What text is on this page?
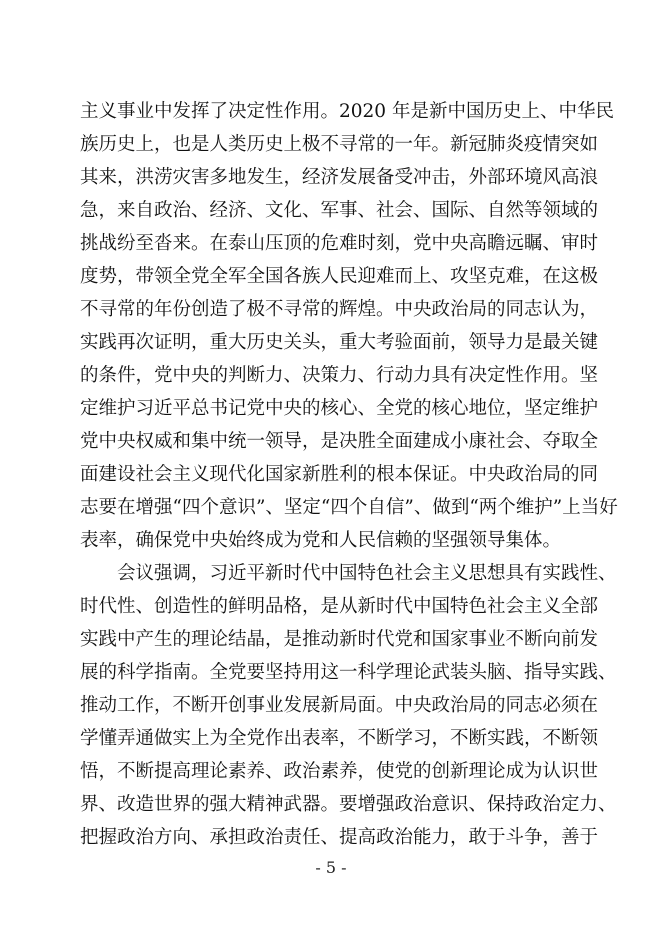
主义事业中发挥了决定性作用。2020 年是新中国历史上、中华民
族历史上，也是人类历史上极不寻常的一年。新冠肺炎疫情突如
其来，洪涝灾害多地发生，经济发展备受冲击，外部环境风高浪
急，来自政治、经济、文化、军事、社会、国际、自然等领域的
挑战纷至沓来。在泰山压顶的危难时刻，党中央高瞻远瞩、审时
度势，带领全党全军全国各族人民迎难而上、攻坚克难，在这极
不寻常的年份创造了极不寻常的辉煌。中央政治局的同志认为，
实践再次证明，重大历史关头，重大考验面前，领导力是最关键
的条件，党中央的判断力、决策力、行动力具有决定性作用。坚
定维护习近平总书记党中央的核心、全党的核心地位，坚定维护
党中央权威和集中统一领导，是决胜全面建成小康社会、夺取全
面建设社会主义现代化国家新胜利的根本保证。中央政治局的同
志要在增强“四个意识”、坚定“四个自信”、做到“两个维护”上当好
表率，确保党中央始终成为党和人民信赖的坚强领导集体。
会议强调，习近平新时代中国特色社会主义思想具有实践性、
时代性、创造性的鲜明品格，是从新时代中国特色社会主义全部
实践中产生的理论结晶，是推动新时代党和国家事业不断向前发
展的科学指南。全党要坚持用这一科学理论武装头脑、指导实践、
推动工作，不断开创事业发展新局面。中央政治局的同志必须在
学懂弄通做实上为全党作出表率，不断学习，不断实践，不断领
悟，不断提高理论素养、政治素养，使党的创新理论成为认识世
界、改造世界的强大精神武器。要增强政治意识、保持政治定力、
把握政治方向、承担政治责任、提高政治能力，敢于斗争，善于
- 5 -
